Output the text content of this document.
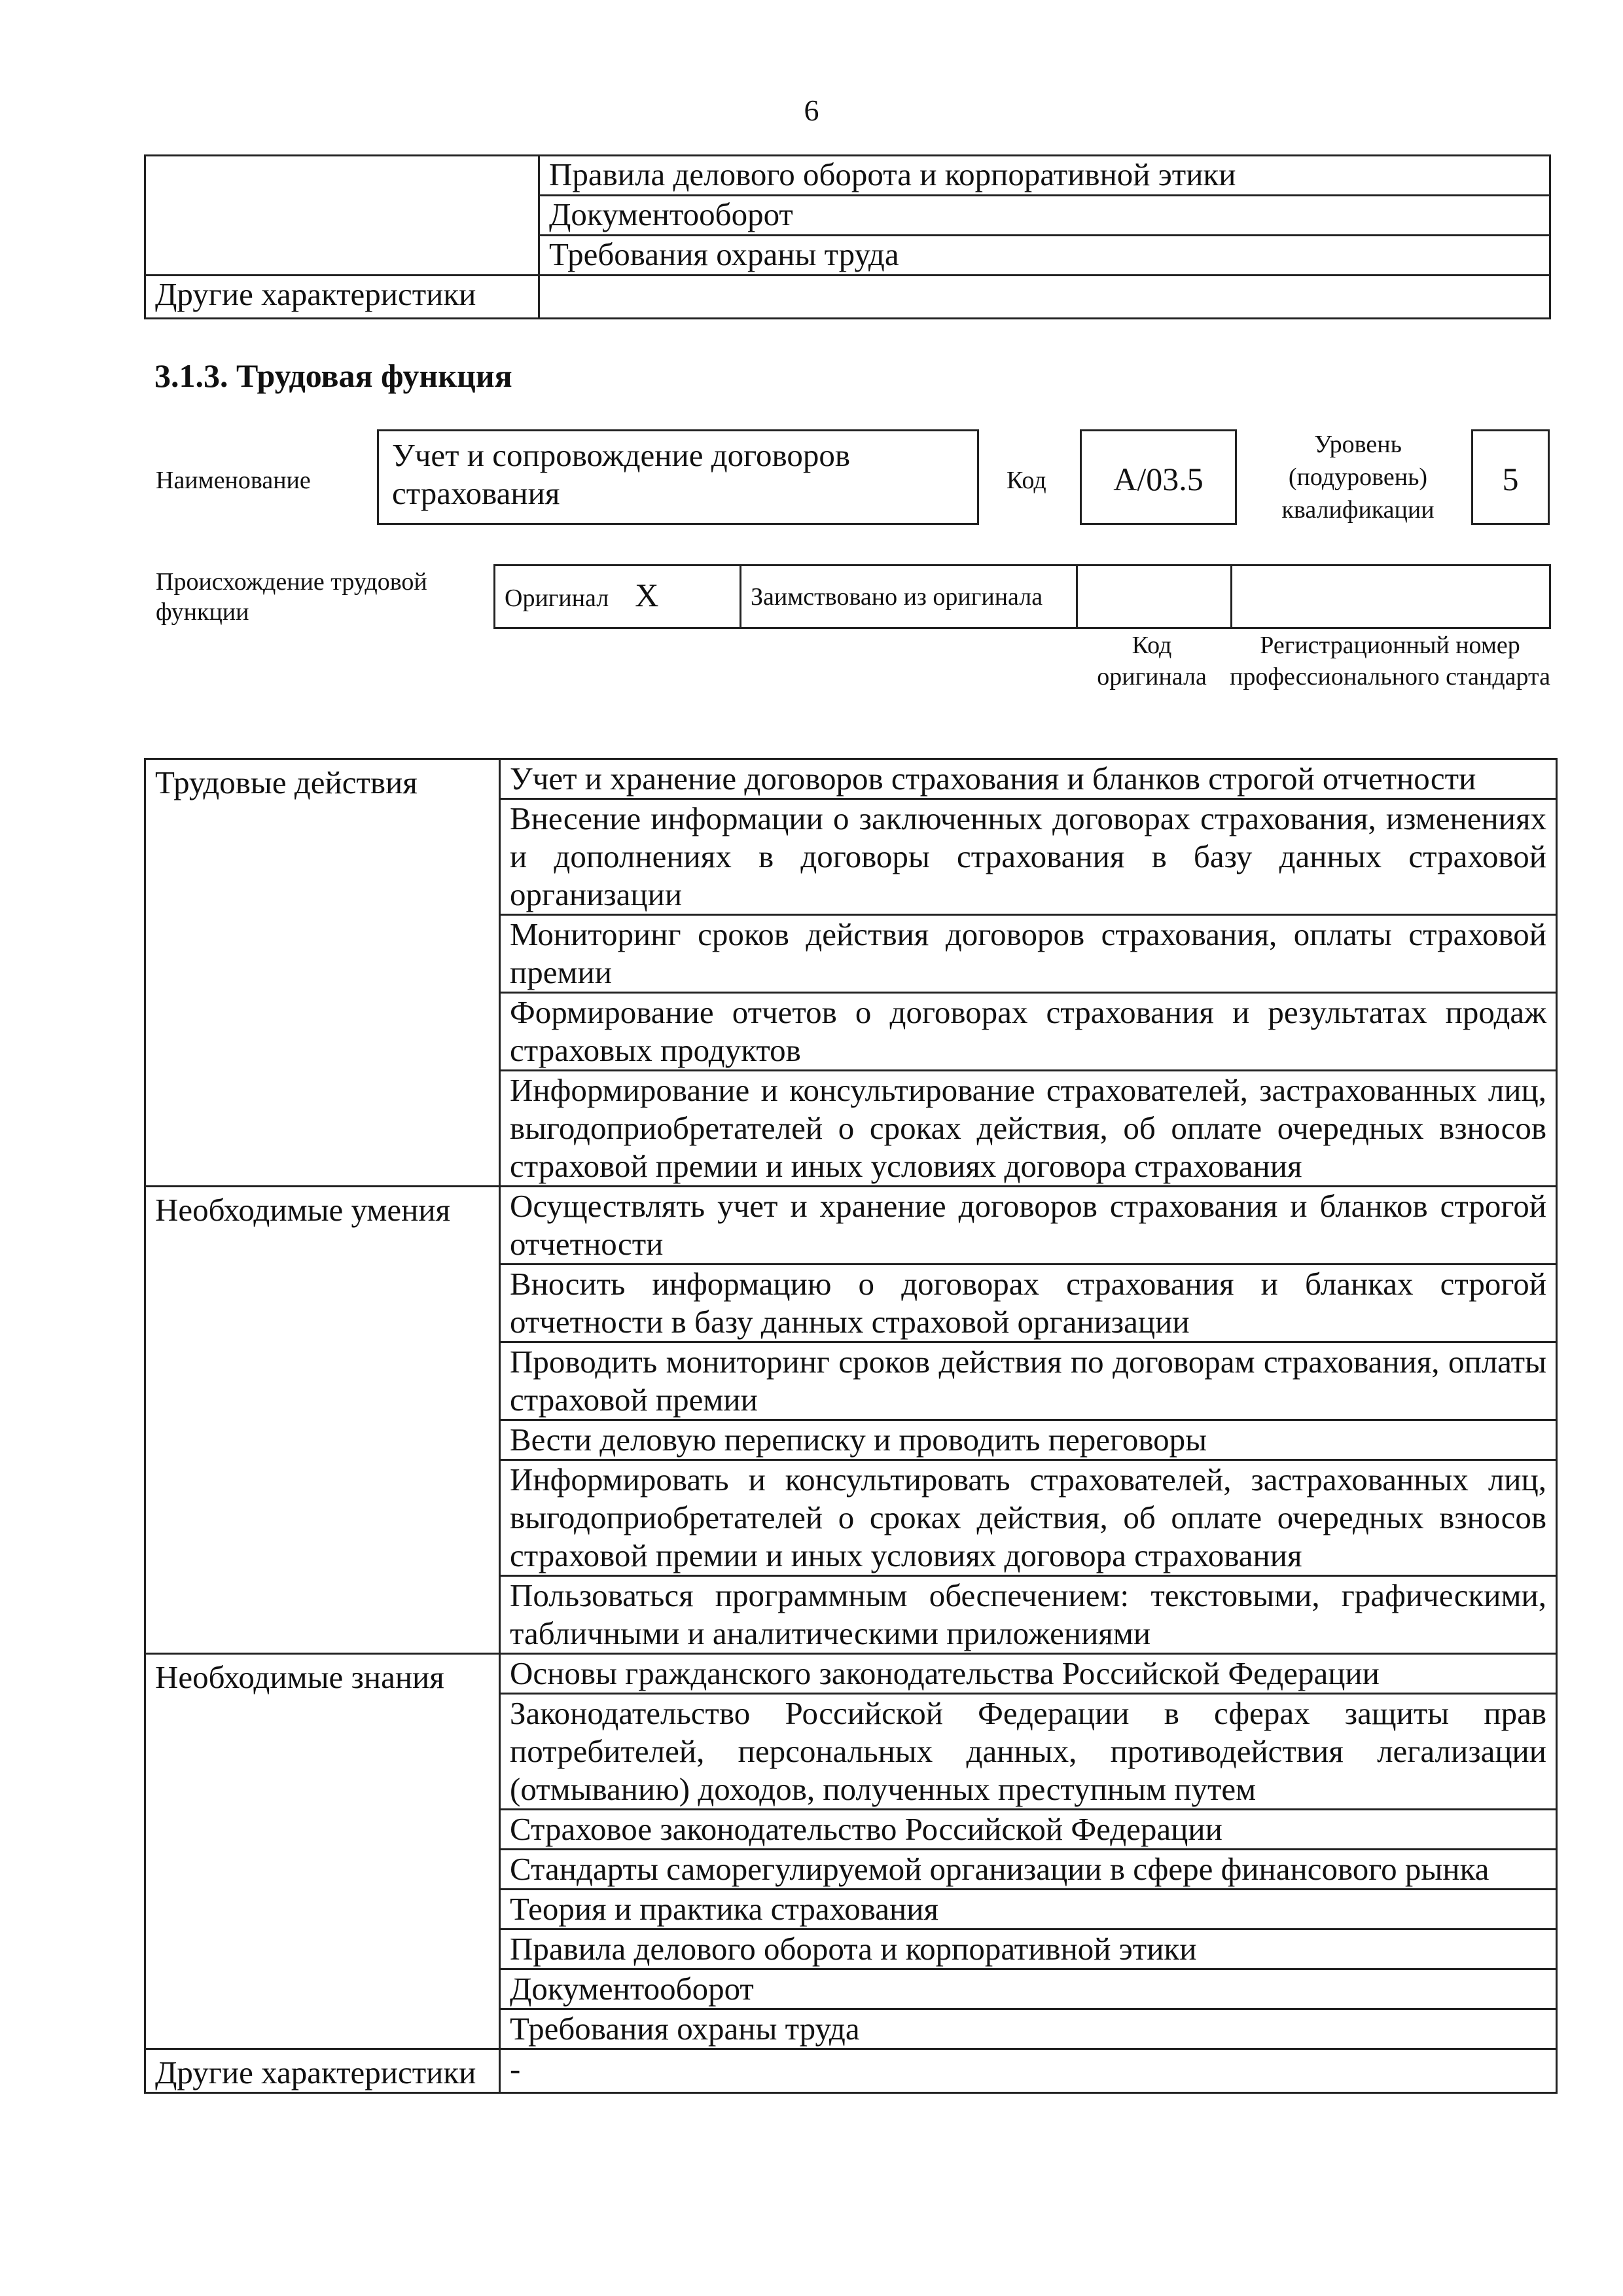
6
	Правила делового оборота и корпоративной этики
	Документооборот
	Требования охраны труда
Другие характеристики	
3.1.3. Трудовая функция
Наименование
Учет и сопровождение договоров страхования	Код	A/03.5
Уровень (подуровень) квалификации
5
Происхождение трудовой функции	Оригинал X	Заимствовано из оригинала		
Код оригинала
Регистрационный номер профессионального стандарта
Трудовые действия	Учет и хранение договоров страхования и бланков строгой отчетности
	Внесение информации о заключенных договорах страхования, изменениях и дополнениях в договоры страхования в базу данных страховой организации
	Мониторинг сроков действия договоров страхования, оплаты страховой премии
	Формирование отчетов о договорах страхования и результатах продаж страховых продуктов
	Информирование и консультирование страхователей, застрахованных лиц, выгодоприобретателей о сроках действия, об оплате очередных взносов страховой премии и иных условиях договора страхования
Необходимые умения	Осуществлять учет и хранение договоров страхования и бланков строгой отчетности
	Вносить информацию о договорах страхования и бланках строгой отчетности в базу данных страховой организации
	Проводить мониторинг сроков действия по договорам страхования, оплаты страховой премии
	Вести деловую переписку и проводить переговоры
	Информировать и консультировать страхователей, застрахованных лиц, выгодоприобретателей о сроках действия, об оплате очередных взносов страховой премии и иных условиях договора страхования
	Пользоваться программным обеспечением: текстовыми, графическими, табличными и аналитическими приложениями
Необходимые знания	Основы гражданского законодательства Российской Федерации
	Законодательство Российской Федерации в сферах защиты прав потребителей, персональных данных, противодействия легализации (отмыванию) доходов, полученных преступным путем
	Страховое законодательство Российской Федерации
	Стандарты саморегулируемой организации в сфере финансового рынка
	Теория и практика страхования
	Правила делового оборота и корпоративной этики
	Документооборот
	Требования охраны труда
Другие характеристики	-
